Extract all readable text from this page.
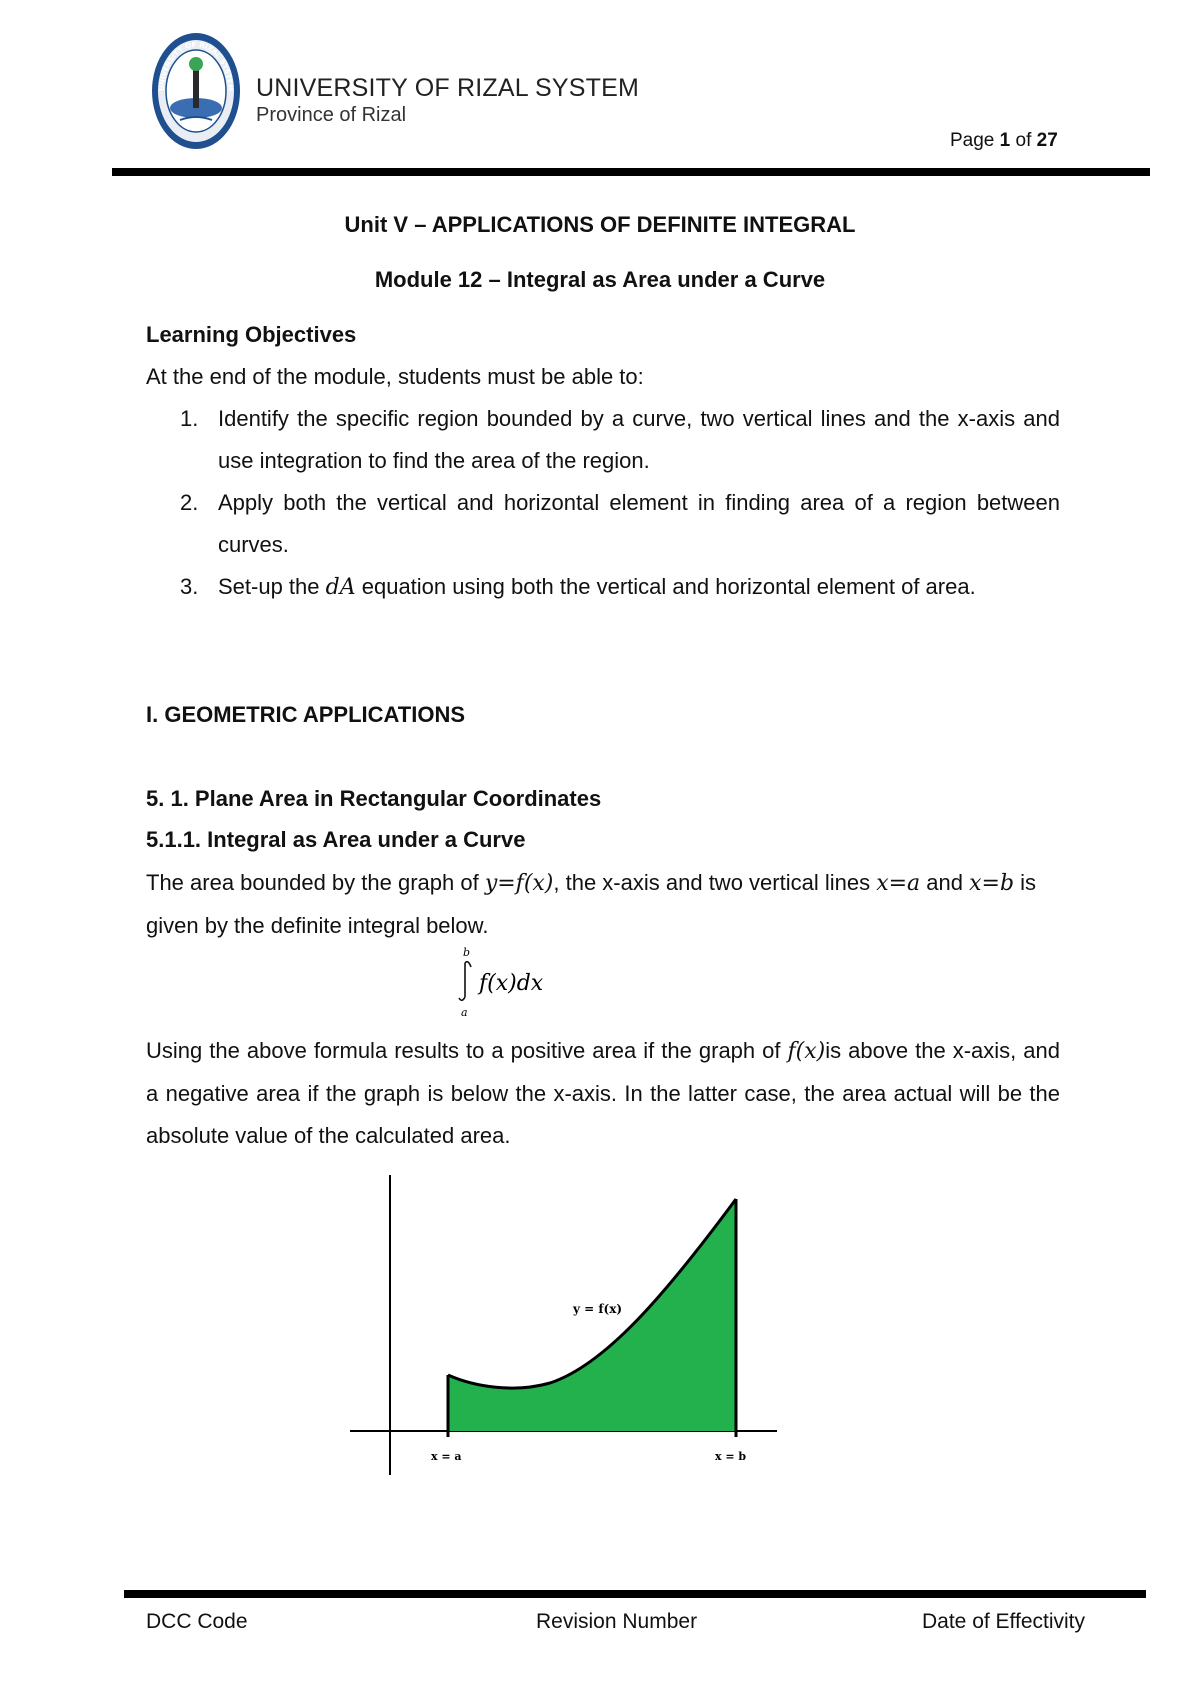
UNIVERSITY OF RIZAL SYSTEM UNIVERSITY OF RIZAL SYSTEM
Province of Rizal
Page 1 of 27
Unit V – APPLICATIONS OF DEFINITE INTEGRAL
Module 12 – Integral as Area under a Curve
Learning Objectives
At the end of the module, students must be able to:
1. Identify the specific region bounded by a curve, two vertical lines and the x-axis and use integration to find the area of the region.
2. Apply both the vertical and horizontal element in finding area of a region between curves.
3. Set-up the dA equation using both the vertical and horizontal element of area.
I. GEOMETRIC APPLICATIONS
5. 1. Plane Area in Rectangular Coordinates
5.1.1. Integral as Area under a Curve
The area bounded by the graph of y=f(x), the x-axis and two vertical lines x=a and x=b is given by the definite integral below.
b
a
f(x)dx
Using the above formula results to a positive area if the graph of f(x)is above the x-axis, and a negative area if the graph is below the x-axis. In the latter case, the area actual will be the absolute value of the calculated area.
y = f(x)
x = a	x = b
DCC Code	Revision Number	Date of Effectivity
